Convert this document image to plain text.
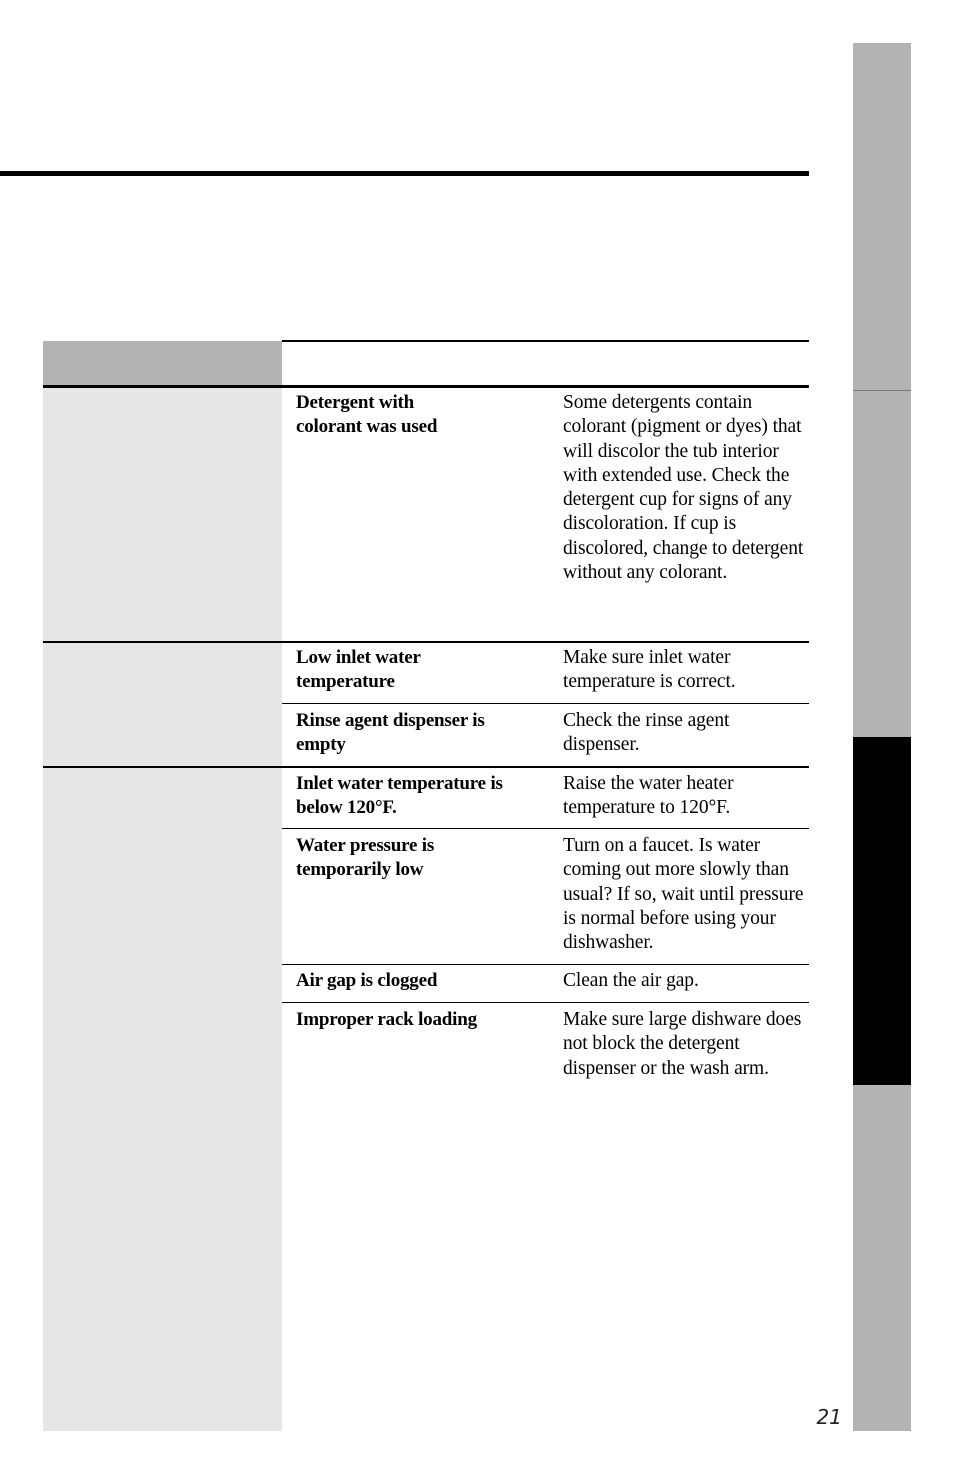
Detergent with colorant was used
Some detergents contain colorant (pigment or dyes) that will discolor the tub interior with extended use. Check the detergent cup for signs of any discoloration. If cup is discolored, change to detergent without any colorant.
Low inlet water temperature
Make sure inlet water temperature is correct.
Rinse agent dispenser is empty
Check the rinse agent dispenser.
Inlet water temperature is below 120°F.
Raise the water heater temperature to 120°F.
Water pressure is temporarily low
Turn on a faucet. Is water coming out more slowly than usual? If so, wait until pressure is normal before using your dishwasher.
Air gap is clogged	Clean the air gap.
Improper rack loading	Make sure large dishware does not block the detergent dispenser or the wash arm.
21
